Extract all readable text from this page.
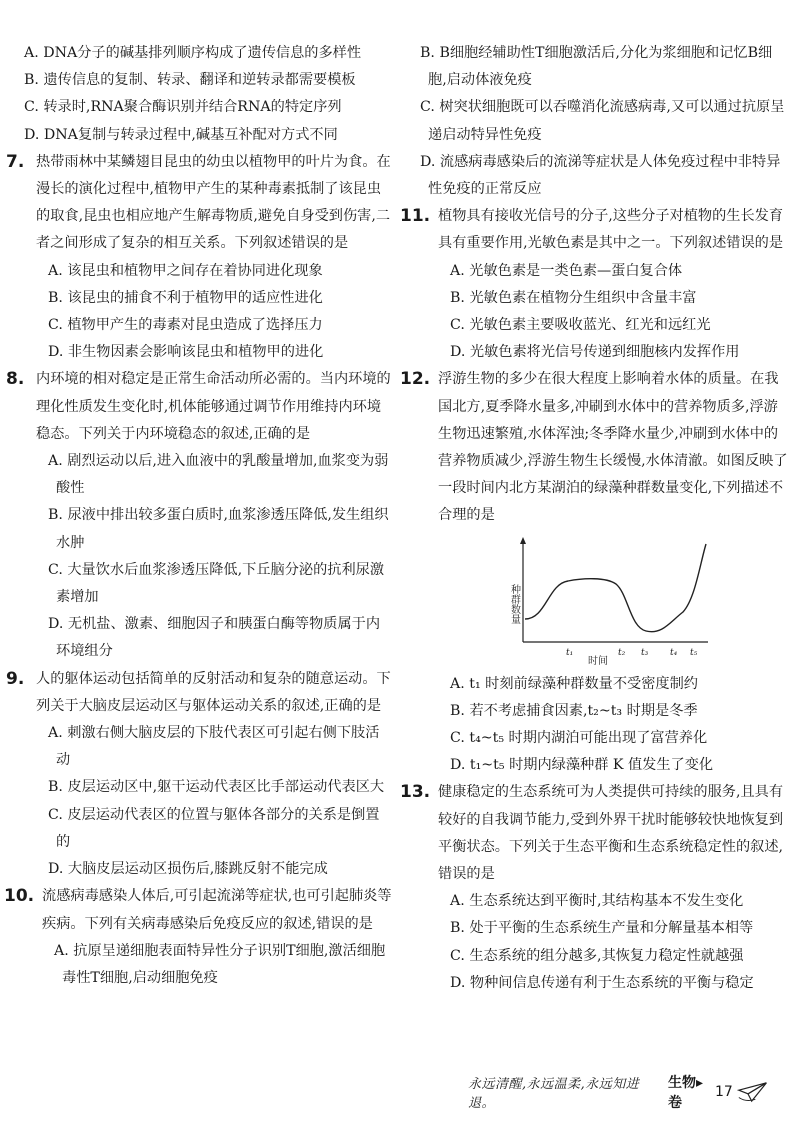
A. DNA分子的碱基排列顺序构成了遗传信息的多样性
B. 遗传信息的复制、转录、翻译和逆转录都需要模板
C. 转录时,RNA聚合酶识别并结合RNA的特定序列
D. DNA复制与转录过程中,碱基互补配对方式不同
7. 热带雨林中某鳞翅目昆虫的幼虫以植物甲的叶片为食。在漫长的演化过程中,植物甲产生的某种毒素抵制了该昆虫的取食,昆虫也相应地产生解毒物质,避免自身受到伤害,二者之间形成了复杂的相互关系。下列叙述错误的是
A. 该昆虫和植物甲之间存在着协同进化现象
B. 该昆虫的捕食不利于植物甲的适应性进化
C. 植物甲产生的毒素对昆虫造成了选择压力
D. 非生物因素会影响该昆虫和植物甲的进化
8. 内环境的相对稳定是正常生命活动所必需的。当内环境的理化性质发生变化时,机体能够通过调节作用维持内环境稳态。下列关于内环境稳态的叙述,正确的是
A. 剧烈运动以后,进入血液中的乳酸量增加,血浆变为弱酸性
B. 尿液中排出较多蛋白质时,血浆渗透压降低,发生组织水肿
C. 大量饮水后血浆渗透压降低,下丘脑分泌的抗利尿激素增加
D. 无机盐、激素、细胞因子和胰蛋白酶等物质属于内环境组分
9. 人的躯体运动包括简单的反射活动和复杂的随意运动。下列关于大脑皮层运动区与躯体运动关系的叙述,正确的是
A. 刺激右侧大脑皮层的下肢代表区可引起右侧下肢活动
B. 皮层运动区中,躯干运动代表区比手部运动代表区大
C. 皮层运动代表区的位置与躯体各部分的关系是倒置的
D. 大脑皮层运动区损伤后,膝跳反射不能完成
10. 流感病毒感染人体后,可引起流涕等症状,也可引起肺炎等疾病。下列有关病毒感染后免疫反应的叙述,错误的是
A. 抗原呈递细胞表面特异性分子识别T细胞,激活细胞毒性T细胞,启动细胞免疫
B. B细胞经辅助性T细胞激活后,分化为浆细胞和记忆B细胞,启动体液免疫
C. 树突状细胞既可以吞噬消化流感病毒,又可以通过抗原呈递启动特异性免疫
D. 流感病毒感染后的流涕等症状是人体免疫过程中非特异性免疫的正常反应
11. 植物具有接收光信号的分子,这些分子对植物的生长发育具有重要作用,光敏色素是其中之一。下列叙述错误的是
A. 光敏色素是一类色素—蛋白复合体
B. 光敏色素在植物分生组织中含量丰富
C. 光敏色素主要吸收蓝光、红光和远红光
D. 光敏色素将光信号传递到细胞核内发挥作用
12. 浮游生物的多少在很大程度上影响着水体的质量。在我国北方,夏季降水量多,冲刷到水体中的营养物质多,浮游生物迅速繁殖,水体浑浊;冬季降水量少,冲刷到水体中的营养物质减少,浮游生物生长缓慢,水体清澈。如图反映了一段时间内北方某湖泊的绿藻种群数量变化,下列描述不合理的是
种群数量
时间
t₁	t₂ t₃ t₄ t₅
A. t₁ 时刻前绿藻种群数量不受密度制约
B. 若不考虑捕食因素,t₂~t₃ 时期是冬季
C. t₄~t₅ 时期内湖泊可能出现了富营养化
D. t₁~t₅ 时期内绿藻种群 K 值发生了变化
13. 健康稳定的生态系统可为人类提供可持续的服务,且具有较好的自我调节能力,受到外界干扰时能够较快地恢复到平衡状态。下列关于生态平衡和生态系统稳定性的叙述,错误的是
A. 生态系统达到平衡时,其结构基本不发生变化
B. 处于平衡的生态系统生产量和分解量基本相等
C. 生态系统的组分越多,其恢复力稳定性就越强
D. 物种间信息传递有利于生态系统的平衡与稳定
永远清醒,永远温柔,永远知进退。
生物▸卷
17
